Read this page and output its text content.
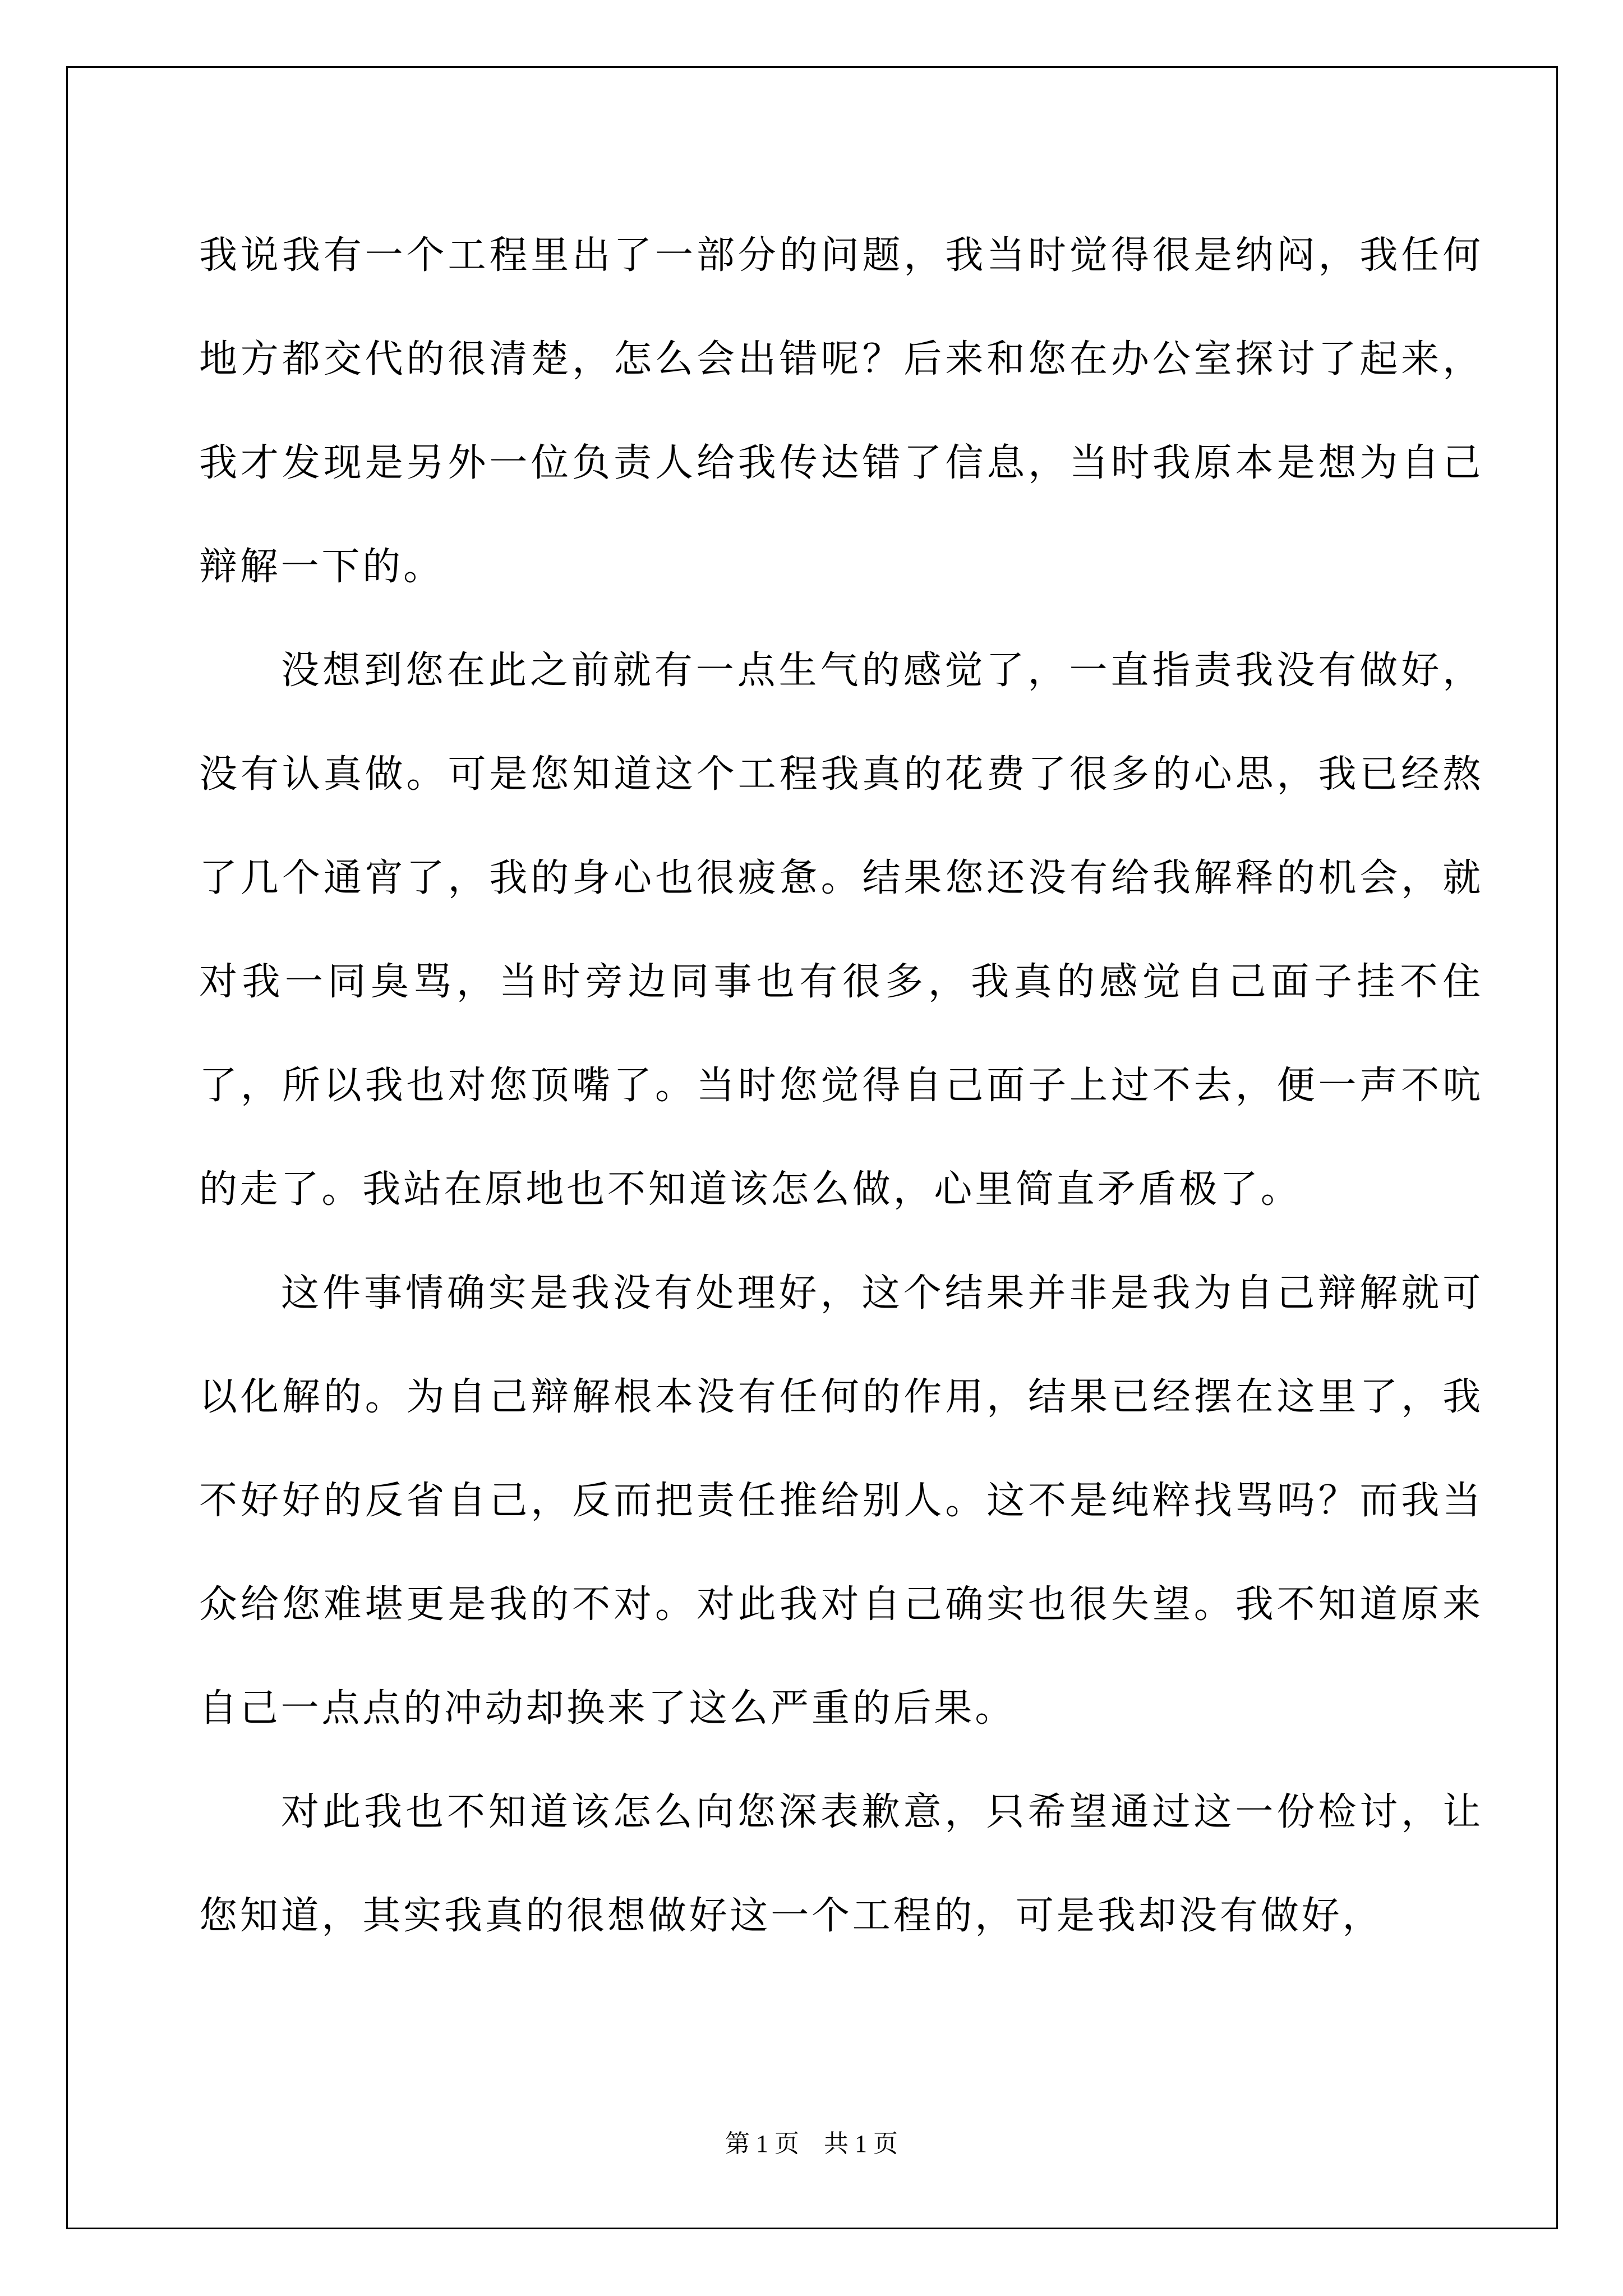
我说我有一个工程里出了一部分的问题，我当时觉得很是纳闷，我任何地方都交代的很清楚，怎么会出错呢？后来和您在办公室探讨了起来，我才发现是另外一位负责人给我传达错了信息，当时我原本是想为自己辩解一下的。

没想到您在此之前就有一点生气的感觉了，一直指责我没有做好，没有认真做。可是您知道这个工程我真的花费了很多的心思，我已经熬了几个通宵了，我的身心也很疲惫。结果您还没有给我解释的机会，就对我一同臭骂，当时旁边同事也有很多，我真的感觉自己面子挂不住了，所以我也对您顶嘴了。当时您觉得自己面子上过不去，便一声不吭的走了。我站在原地也不知道该怎么做，心里简直矛盾极了。

这件事情确实是我没有处理好，这个结果并非是我为自己辩解就可以化解的。为自己辩解根本没有任何的作用，结果已经摆在这里了，我不好好的反省自己，反而把责任推给别人。这不是纯粹找骂吗？而我当众给您难堪更是我的不对。对此我对自己确实也很失望。我不知道原来自己一点点的冲动却换来了这么严重的后果。

对此我也不知道该怎么向您深表歉意，只希望通过这一份检讨，让您知道，其实我真的很想做好这一个工程的，可是我却没有做好，

第 1 页    共 1 页
